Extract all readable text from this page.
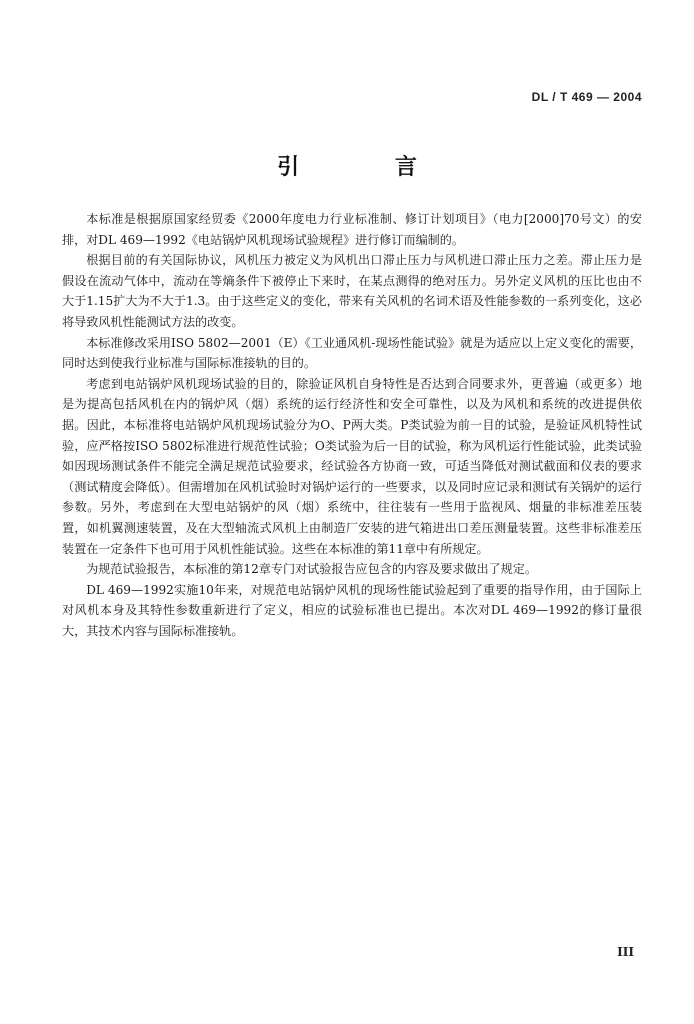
DL / T 469 — 2004
引 言

本标准是根据原国家经贸委《2000年度电力行业标准制、修订计划项目》（电力[2000]70号文）的安排，对DL 469—1992《电站锅炉风机现场试验规程》进行修订而编制的。

根据目前的有关国际协议，风机压力被定义为风机出口滞止压力与风机进口滞止压力之差。滞止压力是假设在流动气体中，流动在等熵条件下被停止下来时，在某点测得的绝对压力。另外定义风机的压比也由不大于1.15扩大为不大于1.3。由于这些定义的变化，带来有关风机的名词术语及性能参数的一系列变化，这必将导致风机性能测试方法的改变。

本标准修改采用ISO 5802—2001（E）《工业通风机-现场性能试验》就是为适应以上定义变化的需要，同时达到使我行业标准与国际标准接轨的目的。

考虑到电站锅炉风机现场试验的目的，除验证风机自身特性是否达到合同要求外，更普遍（或更多）地是为提高包括风机在内的锅炉风（烟）系统的运行经济性和安全可靠性，以及为风机和系统的改进提供依据。因此，本标准将电站锅炉风机现场试验分为O、P两大类。P类试验为前一目的试验，是验证风机特性试验，应严格按ISO 5802标准进行规范性试验；O类试验为后一目的试验，称为风机运行性能试验，此类试验如因现场测试条件不能完全满足规范试验要求，经试验各方协商一致，可适当降低对测试截面和仪表的要求（测试精度会降低）。但需增加在风机试验时对锅炉运行的一些要求，以及同时应记录和测试有关锅炉的运行参数。另外，考虑到在大型电站锅炉的风（烟）系统中，往往装有一些用于监视风、烟量的非标准差压装置，如机翼测速装置，及在大型轴流式风机上由制造厂安装的进气箱进出口差压测量装置。这些非标准差压装置在一定条件下也可用于风机性能试验。这些在本标准的第11章中有所规定。

为规范试验报告，本标准的第12章专门对试验报告应包含的内容及要求做出了规定。

DL 469—1992实施10年来，对规范电站锅炉风机的现场性能试验起到了重要的指导作用，由于国际上对风机本身及其特性参数重新进行了定义，相应的试验标准也已提出。本次对DL 469—1992的修订量很大，其技术内容与国际标准接轨。

III
